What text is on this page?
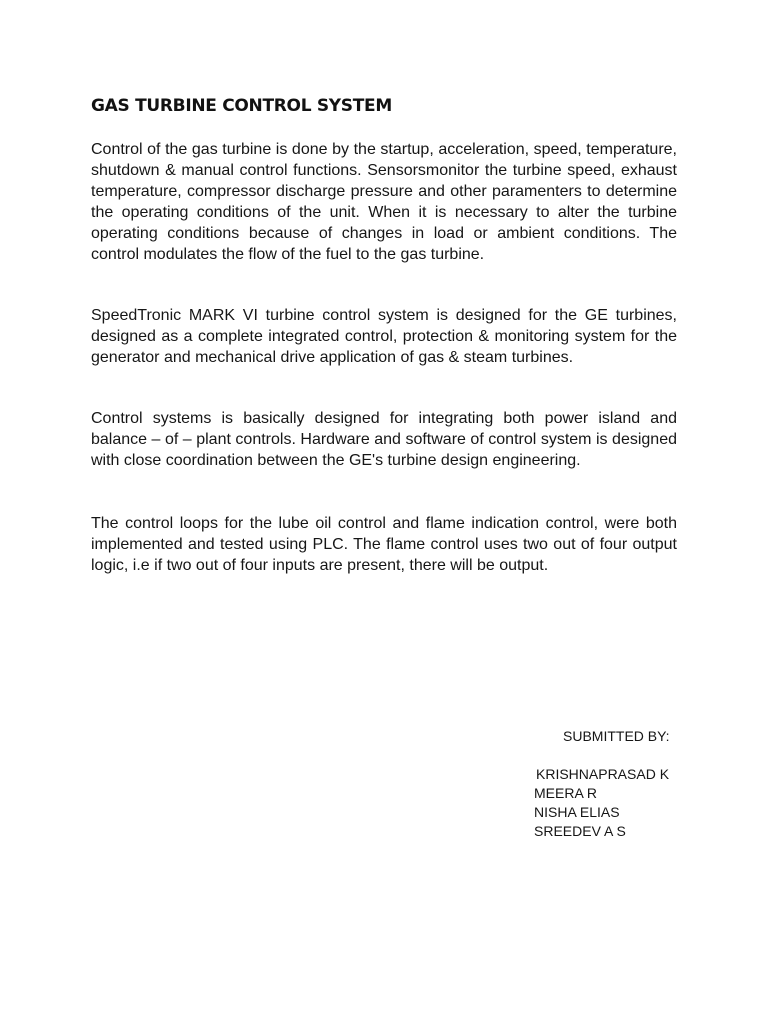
GAS TURBINE CONTROL SYSTEM

Control of the gas turbine is done by the startup, acceleration, speed, temperature, shutdown & manual control functions. Sensorsmonitor the turbine speed, exhaust temperature, compressor discharge pressure and other paramenters to determine the operating conditions of the unit. When it is necessary to alter the turbine operating conditions because of changes in load or ambient conditions. The control modulates the flow of the fuel to the gas turbine.

SpeedTronic MARK VI turbine control system is designed for the GE turbines, designed as a complete integrated control, protection & monitoring system for the generator and mechanical drive application of gas & steam turbines.

Control systems is basically designed for integrating both power island and balance – of – plant controls. Hardware and software of control system is designed with close coordination between the GE's turbine design engineering.

The control loops for the lube oil control and flame indication control, were both implemented and tested using PLC. The flame control uses two out of four output logic, i.e if two out of four inputs are present, there will be output.

SUBMITTED BY:

KRISHNAPRASAD K
MEERA R
NISHA ELIAS
SREEDEV A S
